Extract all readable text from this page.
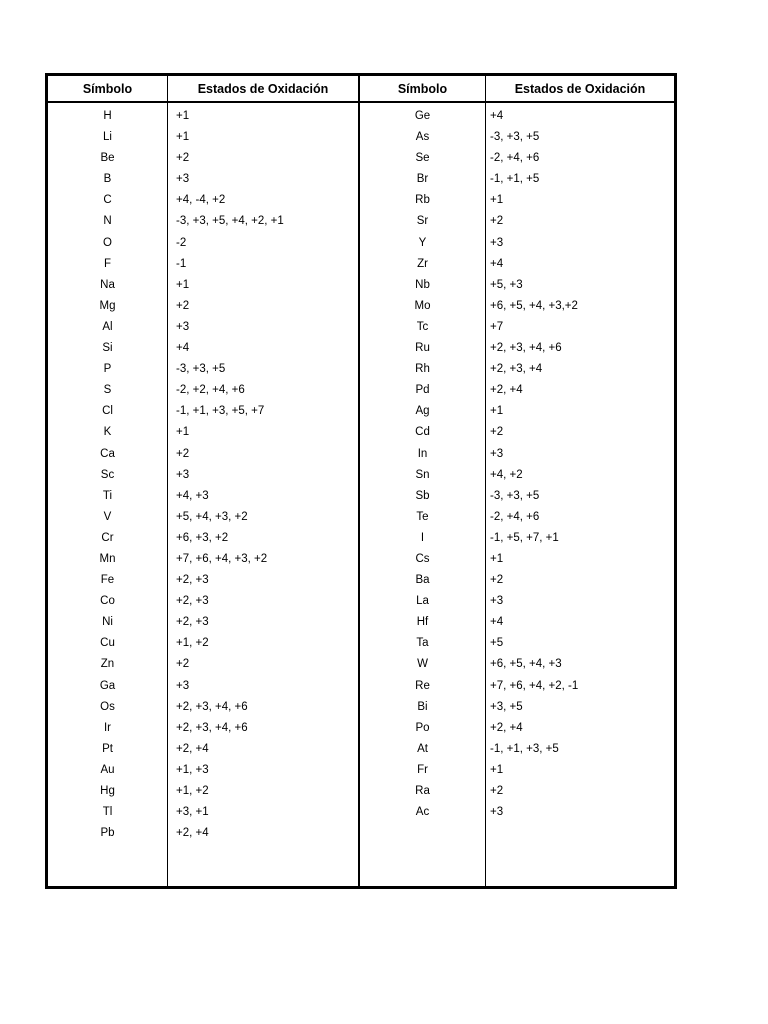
Símbolo	Estados de Oxidación	Símbolo	Estados de Oxidación
H	+1	Ge	+4
Li	+1	As	-3, +3, +5
Be	+2	Se	-2, +4, +6
B	+3	Br	-1, +1, +5
C	+4, -4, +2	Rb	+1
N	-3, +3, +5, +4, +2, +1	Sr	+2
O	-2	Y	+3
F	-1	Zr	+4
Na	+1	Nb	+5, +3
Mg	+2	Mo	+6, +5, +4, +3,+2
Al	+3	Tc	+7
Si	+4	Ru	+2, +3, +4, +6
P	-3, +3, +5	Rh	+2, +3, +4
S	-2, +2, +4, +6	Pd	+2, +4
Cl	-1, +1, +3, +5, +7	Ag	+1
K	+1	Cd	+2
Ca	+2	In	+3
Sc	+3	Sn	+4, +2
Ti	+4, +3	Sb	-3, +3, +5
V	+5, +4, +3, +2	Te	-2, +4, +6
Cr	+6, +3, +2	I	-1, +5, +7, +1
Mn	+7, +6, +4, +3, +2	Cs	+1
Fe	+2, +3	Ba	+2
Co	+2, +3	La	+3
Ni	+2, +3	Hf	+4
Cu	+1, +2	Ta	+5
Zn	+2	W	+6, +5, +4, +3
Ga	+3	Re	+7, +6, +4, +2, -1
Os	+2, +3, +4, +6	Bi	+3, +5
Ir	+2, +3, +4, +6	Po	+2, +4
Pt	+2, +4	At	-1, +1, +3, +5
Au	+1, +3	Fr	+1
Hg	+1, +2	Ra	+2
Tl	+3, +1	Ac	+3
Pb	+2, +4
